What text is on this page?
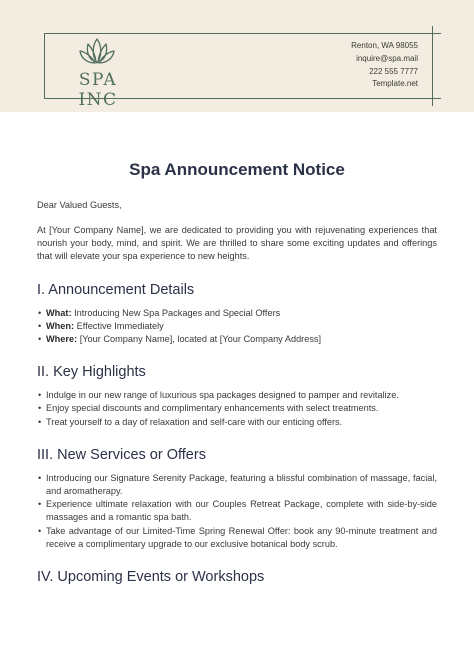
SPA INC
Renton, WA 98055
inquire@spa.mail
222 555 7777
Template.net
Spa Announcement Notice
Dear Valued Guests,
At [Your Company Name], we are dedicated to providing you with rejuvenating experiences that nourish your body, mind, and spirit. We are thrilled to share some exciting updates and offerings that will elevate your spa experience to new heights.
I. Announcement Details
• What: Introducing New Spa Packages and Special Offers
• When: Effective Immediately
• Where: [Your Company Name], located at [Your Company Address]
II. Key Highlights
• Indulge in our new range of luxurious spa packages designed to pamper and revitalize.
• Enjoy special discounts and complimentary enhancements with select treatments.
• Treat yourself to a day of relaxation and self-care with our enticing offers.
III. New Services or Offers
• Introducing our Signature Serenity Package, featuring a blissful combination of massage, facial, and aromatherapy.
• Experience ultimate relaxation with our Couples Retreat Package, complete with side-by-side massages and a romantic spa bath.
• Take advantage of our Limited-Time Spring Renewal Offer: book any 90-minute treatment and receive a complimentary upgrade to our exclusive botanical body scrub.
IV. Upcoming Events or Workshops
